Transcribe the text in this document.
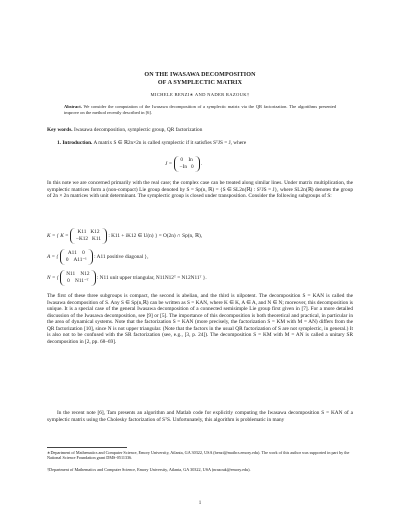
ON THE IWASAWA DECOMPOSITION
OF A SYMPLECTIC MATRIX
MICHELE BENZI∗ AND NADER RAZOUK†
Abstract. We consider the computation of the Iwasawa decomposition of a symplectic matrix via the QR factorization. The algorithms presented improve on the method recently described in [6].
Key words. Iwasawa decomposition, symplectic group, QR factorization
1. Introduction. A matrix S ∈ ℝ2n×2n is called symplectic if it satisfies SᵀJS = J, where
J =
0    In
−In   0 .
In this note we are concerned primarily with the real case; the complex case can be treated along similar lines. Under matrix multiplication, the symplectic matrices form a (non-compact) Lie group denoted by S = Sp(n, ℝ) = {S ∈ SL2n(ℝ) : SᵀJS = J}, where SL2n(ℝ) denotes the group of 2n × 2n matrices with unit determinant. The symplectic group is closed under transposition. Consider the following subgroups of S:
K = { K =
K11   K12
−K12   K11 : K11 + iK12 ∈ U(n) } = O(2n) ∩ Sp(n, ℝ),
A = {
A11    0
0    A11⁻¹ : A11 positive diagonal },
N = {
N11    N12
0    N11⁻ᵀ : N11 unit upper triangular, N11N12ᵀ = N12N11ᵀ }.
The first of these three subgroups is compact, the second is abelian, and the third is nilpotent. The decomposition S = KAN is called the Iwasawa decomposition of S. Any S ∈ Sp(n,ℝ) can be written as S = KAN, where K ∈ K, A ∈ A, and N ∈ N; moreover, this decomposition is unique. It is a special case of the general Iwasawa decomposition of a connected semisimple Lie group first given in [7]. For a more detailed discussion of the Iwasawa decomposition, see [9] or [5]. The importance of this decomposition is both theoretical and practical, in particular in the area of dynamical systems. Note that the factorization S = KAN (more precisely, the factorization S = KM with M = AN) differs from the QR factorization [10], since N is not upper triangular. (Note that the factors in the usual QR factorization of S are not symplectic, in general.) It is also not to be confused with the SR factorization (see, e.g., [3, p. 24]). The decomposition S = KM with M = AN is called a unitary SR decomposition in [2, pp. 68–69].
In the recent note [6], Tam presents an algorithm and Matlab code for explicitly computing the Iwasawa decomposition S = KAN of a symplectic matrix using the Cholesky factorization of SᵀS. Unfortunately, this algorithm is problematic in many
∗Department of Mathematics and Computer Science, Emory University, Atlanta, GA 30322, USA (benzi@mathcs.emory.edu). The work of this author was supported in part by the National Science Foundation grant DMS-0511336.
†Department of Mathematics and Computer Science, Emory University, Atlanta, GA 30322, USA (nrazouk@emory.edu).
1
